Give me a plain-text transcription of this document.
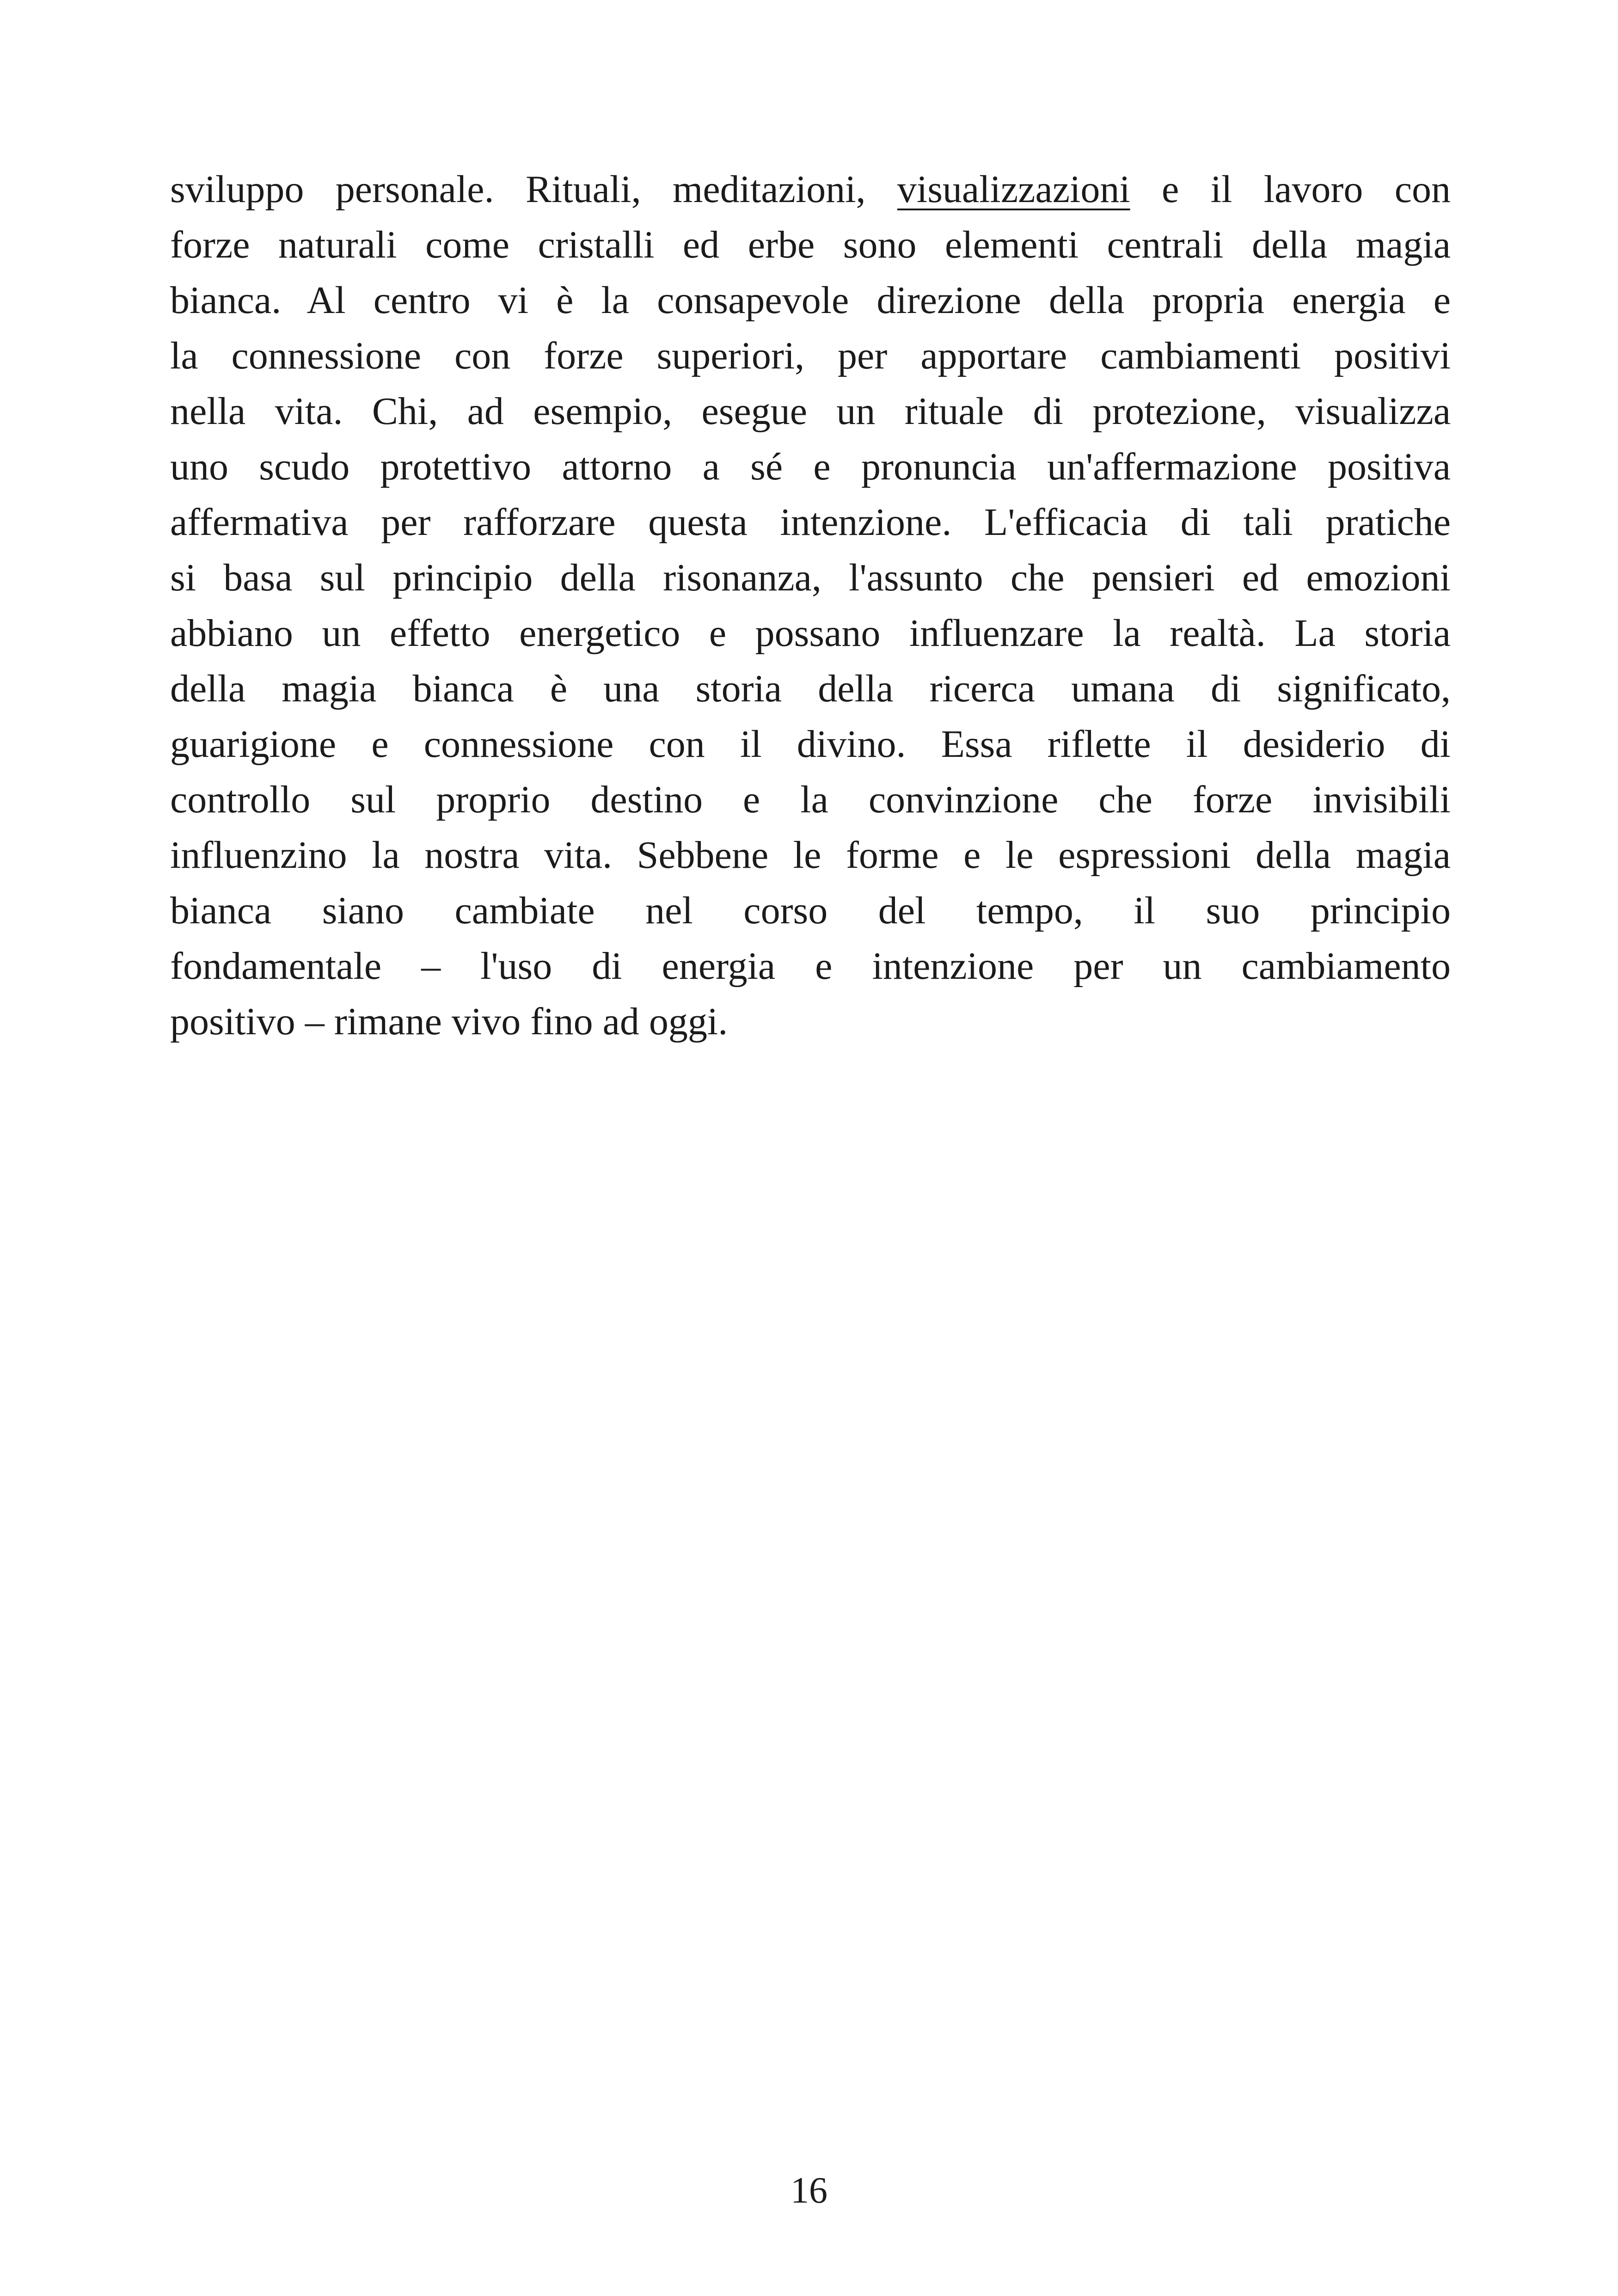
sviluppo personale. Rituali, meditazioni, visualizzazioni e il lavoro con
forze naturali come cristalli ed erbe sono elementi centrali della magia
bianca. Al centro vi è la consapevole direzione della propria energia e
la connessione con forze superiori, per apportare cambiamenti positivi
nella vita. Chi, ad esempio, esegue un rituale di protezione, visualizza
uno scudo protettivo attorno a sé e pronuncia un'affermazione positiva
affermativa per rafforzare questa intenzione. L'efficacia di tali pratiche
si basa sul principio della risonanza, l'assunto che pensieri ed emozioni
abbiano un effetto energetico e possano influenzare la realtà. La storia
della magia bianca è una storia della ricerca umana di significato,
guarigione e connessione con il divino. Essa riflette il desiderio di
controllo sul proprio destino e la convinzione che forze invisibili
influenzino la nostra vita. Sebbene le forme e le espressioni della magia
bianca siano cambiate nel corso del tempo, il suo principio
fondamentale – l'uso di energia e intenzione per un cambiamento
positivo – rimane vivo fino ad oggi.

16
